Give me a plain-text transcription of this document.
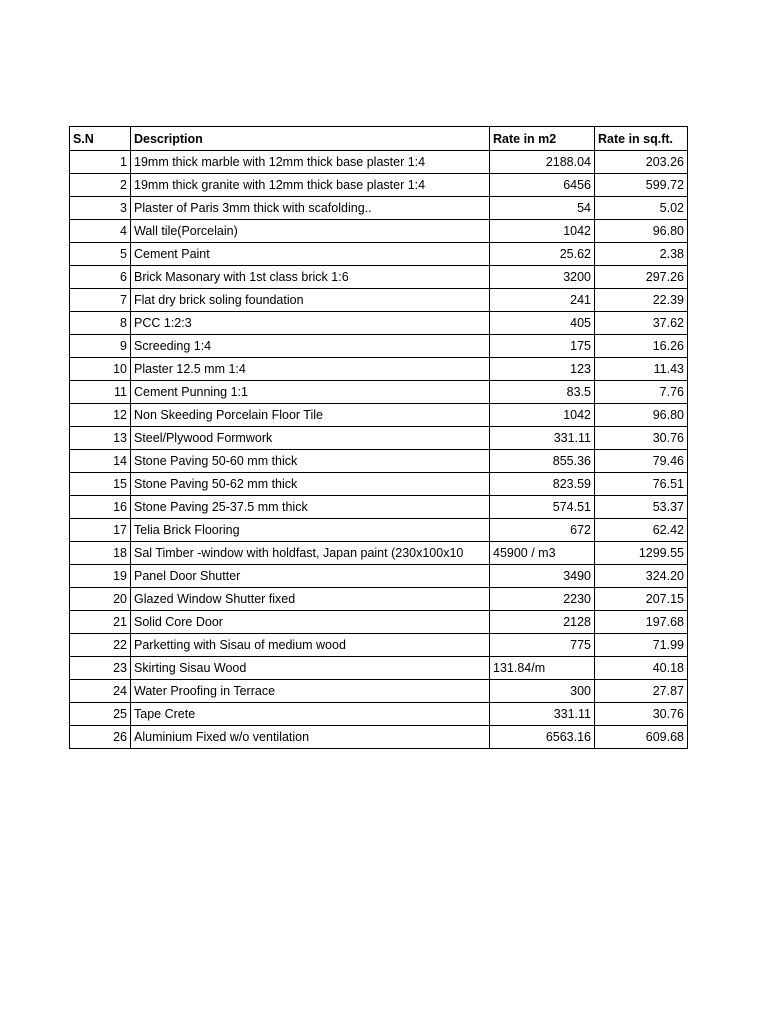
S.N	Description	Rate in m2	Rate in sq.ft.
1	19mm thick marble with 12mm thick base plaster 1:4	2188.04	203.26
2	19mm thick granite with 12mm thick base plaster 1:4	6456	599.72
3	Plaster of Paris 3mm thick with scafolding..	54	5.02
4	Wall tile(Porcelain)	1042	96.80
5	Cement Paint	25.62	2.38
6	Brick Masonary with 1st class brick 1:6	3200	297.26
7	Flat dry brick soling foundation	241	22.39
8	PCC 1:2:3	405	37.62
9	Screeding 1:4	175	16.26
10	Plaster 12.5 mm 1:4	123	11.43
11	Cement Punning 1:1	83.5	7.76
12	Non Skeeding Porcelain Floor Tile	1042	96.80
13	Steel/Plywood Formwork	331.11	30.76
14	Stone Paving 50-60 mm thick	855.36	79.46
15	Stone Paving 50-62 mm thick	823.59	76.51
16	Stone Paving 25-37.5 mm thick	574.51	53.37
17	Telia Brick Flooring	672	62.42
18	Sal Timber -window with holdfast, Japan paint (230x100x10	45900 / m3	1299.55
19	Panel Door Shutter	3490	324.20
20	Glazed Window Shutter fixed	2230	207.15
21	Solid Core Door	2128	197.68
22	Parketting with Sisau of medium wood	775	71.99
23	Skirting Sisau Wood	131.84/m	40.18
24	Water Proofing in Terrace	300	27.87
25	Tape Crete	331.11	30.76
26	Aluminium Fixed w/o ventilation	6563.16	609.68
